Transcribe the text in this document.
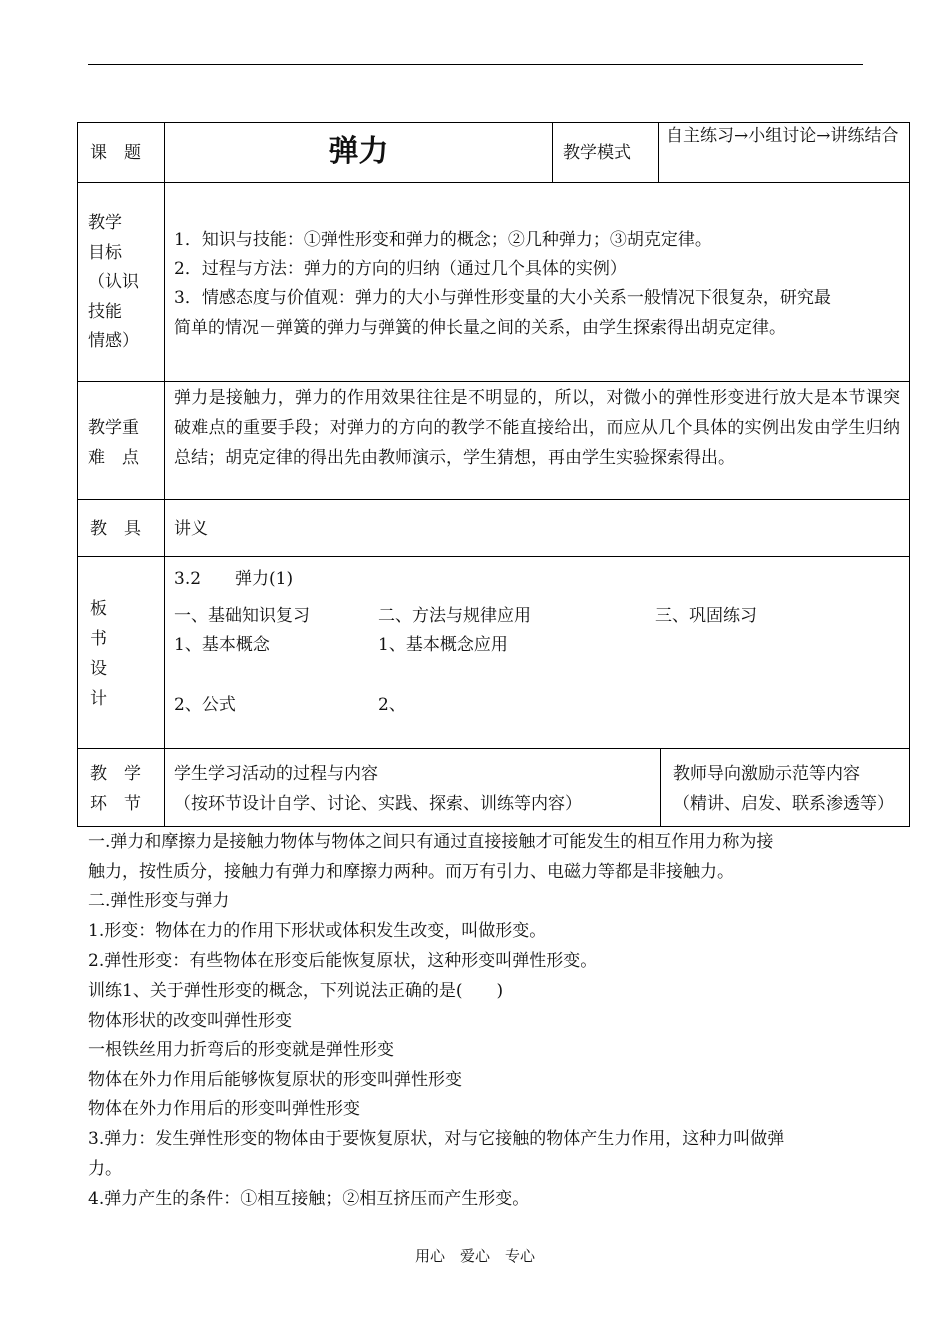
课　题	弹力	教学模式
自主练习→小组讨论→讲练结合
教学
目标
（认识
技能
情感）
1．知识与技能：①弹性形变和弹力的概念；②几种弹力；③胡克定律。
2．过程与方法：弹力的方向的归纳（通过几个具体的实例）
3．情感态度与价值观：弹力的大小与弹性形变量的大小关系一般情况下很复杂，研究最
简单的情况－弹簧的弹力与弹簧的伸长量之间的关系，由学生探索得出胡克定律。
教学重
难　点
弹力是接触力，弹力的作用效果往往是不明显的，所以，对微小的弹性形变进行放大是本节课突破难点的重要手段；对弹力的方向的教学不能直接给出，而应从几个具体的实例出发由学生归纳总结；胡克定律的得出先由教师演示，学生猜想，再由学生实验探索得出。
教　具 讲义
板
书
设
计
3.2　　弹力(1)
一、基础知识复习
1、基本概念
2、公式
二、方法与规律应用
1、基本概念应用
2、
三、巩固练习
教　学
环　节
学生学习活动的过程与内容
（按环节设计自学、讨论、实践、探索、训练等内容）
教师导向激励示范等内容
（精讲、启发、联系渗透等）
一.弹力和摩擦力是接触力物体与物体之间只有通过直接接触才可能发生的相互作用力称为接
触力，按性质分，接触力有弹力和摩擦力两种。而万有引力、电磁力等都是非接触力。
二.弹性形变与弹力
1.形变：物体在力的作用下形状或体积发生改变，叫做形变。
2.弹性形变：有些物体在形变后能恢复原状，这种形变叫弹性形变。
训练1、关于弹性形变的概念，下列说法正确的是(　　)
物体形状的改变叫弹性形变
一根铁丝用力折弯后的形变就是弹性形变
物体在外力作用后能够恢复原状的形变叫弹性形变
物体在外力作用后的形变叫弹性形变
3.弹力：发生弹性形变的物体由于要恢复原状，对与它接触的物体产生力作用，这种力叫做弹
力。
4.弹力产生的条件：①相互接触；②相互挤压而产生形变。
用心　爱心　专心
